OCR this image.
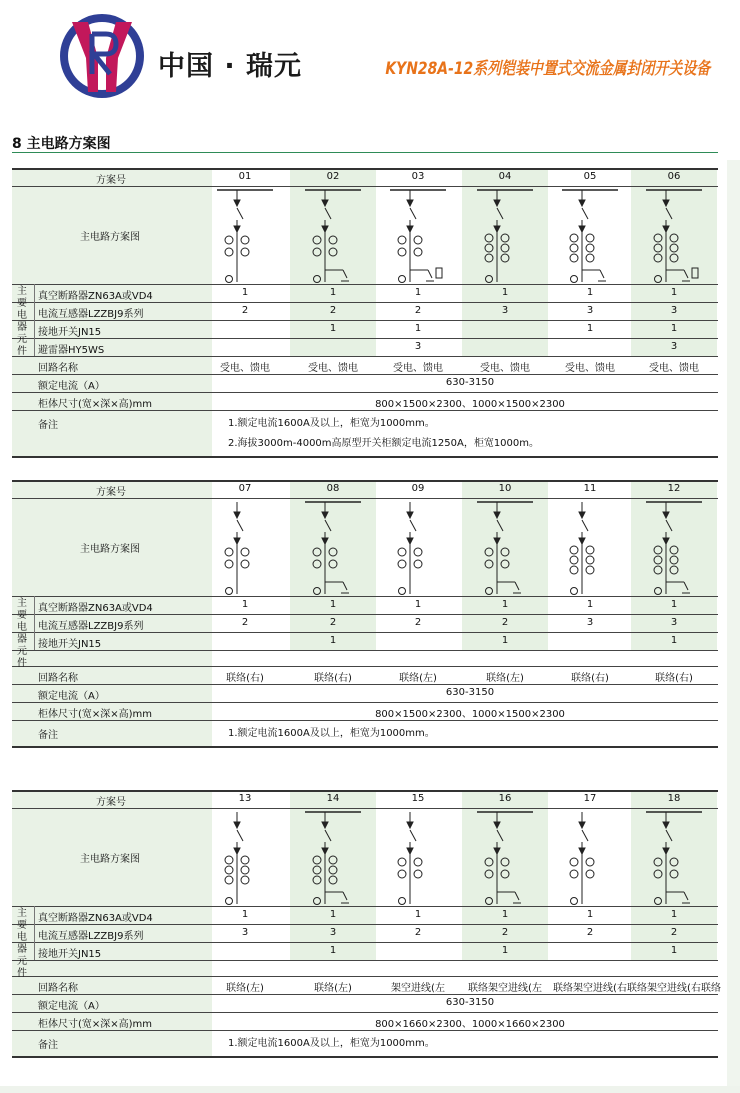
中国 · 瑞元	KYN28A-12系列铠装中置式交流金属封闭开关设备
8 主电路方案图
方案号
主电路方案图
主要电器元件
真空断路器ZN63A或VD4
电流互感器LZZBJ9系列
接地开关JN15
避雷器HY5WS
回路名称
额定电流（A）
柜体尺寸(宽×深×高)mm
备注
01
1
2
受电、馈电
02
1
2
1
受电、馈电
03
1
2
1
3
受电、馈电
04
1
3
受电、馈电
05
1
3
1
受电、馈电
06
1
3
1
3
受电、馈电
630-3150
800×1500×2300、1000×1500×2300
1.额定电流1600A及以上，柜宽为1000mm。
2.海拔3000m-4000m高原型开关柜额定电流1250A，柜宽1000m。
方案号
主电路方案图
主要电器元件
真空断路器ZN63A或VD4
电流互感器LZZBJ9系列
接地开关JN15
回路名称
额定电流（A）
柜体尺寸(宽×深×高)mm
备注
07
1
2
联络(右)
08
1
2
1
联络(右)
09
1
2
联络(左)
10
1
2
1
联络(左)
11
1
3
联络(右)
12
1
3
1
联络(右)
630-3150
800×1500×2300、1000×1500×2300
1.额定电流1600A及以上，柜宽为1000mm。
方案号
主电路方案图
主要电器元件
真空断路器ZN63A或VD4
电流互感器LZZBJ9系列
接地开关JN15
回路名称
额定电流（A）
柜体尺寸(宽×深×高)mm
备注
13
1
3
联络(左)
14
1
3
1
联络(左)
15
1
2
架空进线(左
16
1
2
1
联络架空进线(左
17
1
2
联络架空进线(右
18
1
2
1
联络架空进线(右联络
630-3150
800×1660×2300、1000×1660×2300
1.额定电流1600A及以上，柜宽为1000mm。
